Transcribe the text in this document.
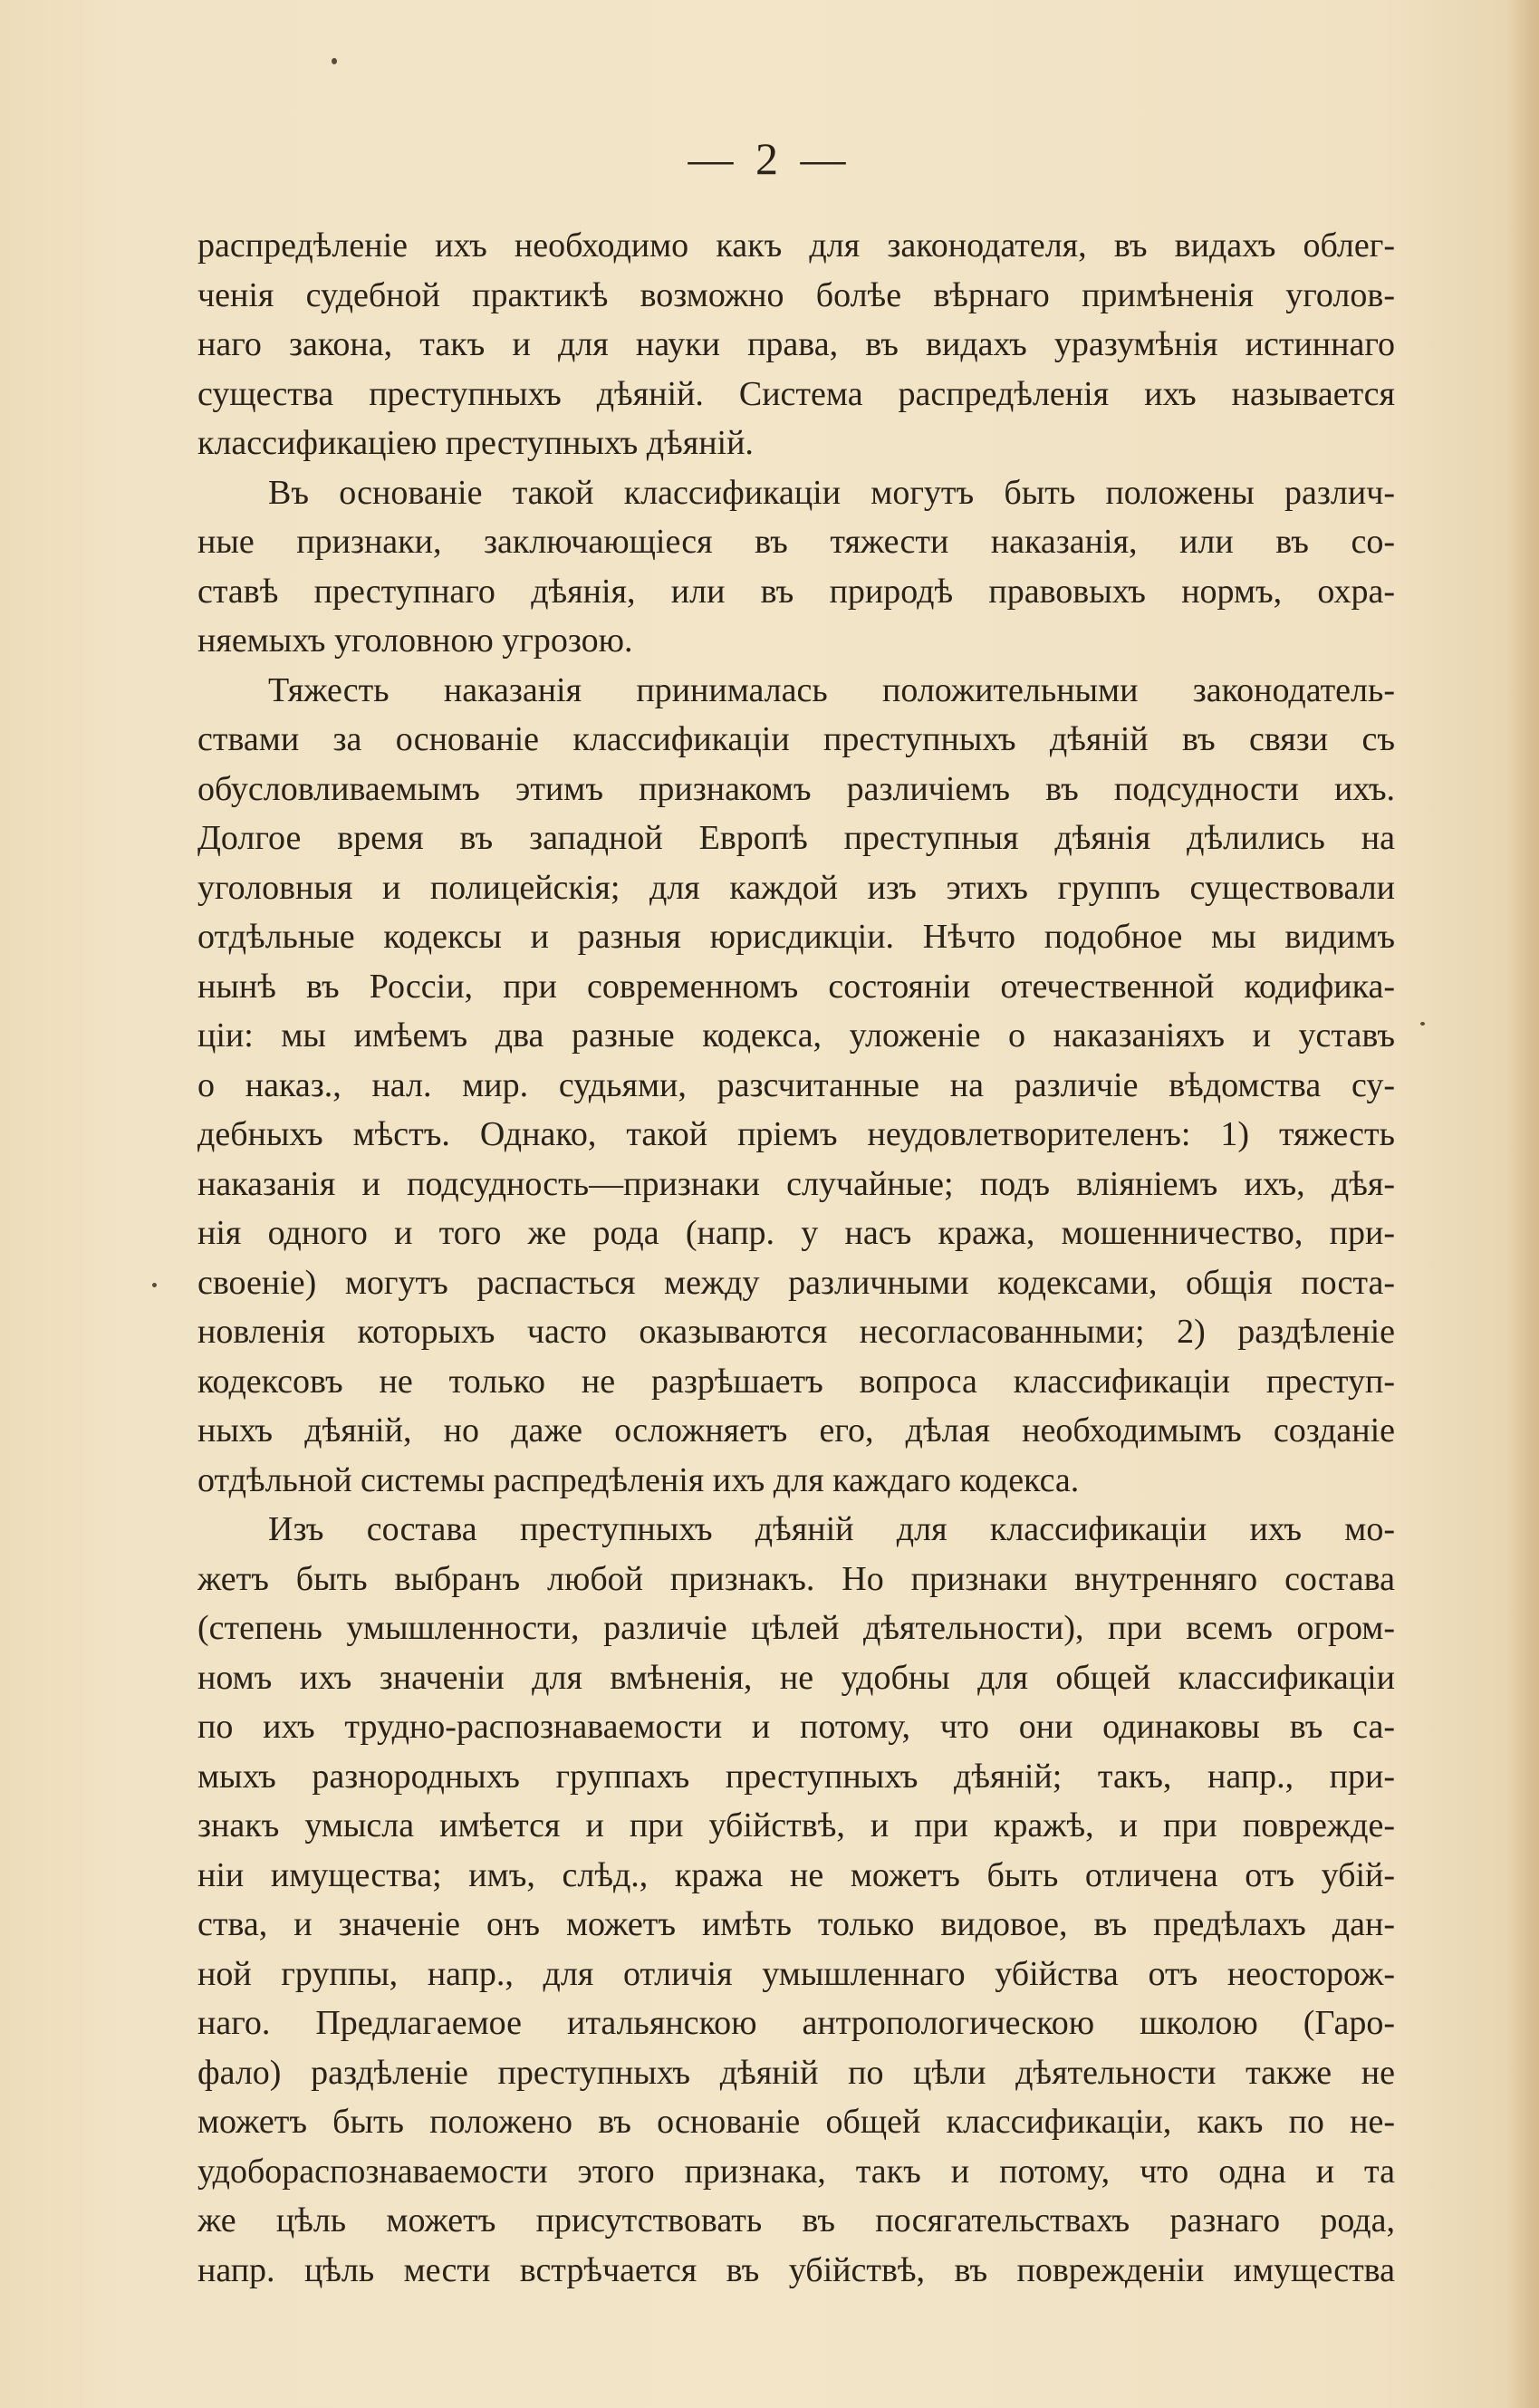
— 2 —
распредѣленіе ихъ необходимо какъ для законодателя, въ видахъ облег-
ченія судебной практикѣ возможно болѣе вѣрнаго примѣненія уголов-
наго закона, такъ и для науки права, въ видахъ уразумѣнія истиннаго
существа преступныхъ дѣяній. Система распредѣленія ихъ называется
классификаціею преступныхъ дѣяній.
Въ основаніе такой классификаціи могутъ быть положены различ-
ные признаки, заключающіеся въ тяжести наказанія, или въ со-
ставѣ преступнаго дѣянія, или въ природѣ правовыхъ нормъ, охра-
няемыхъ уголовною угрозою.
Тяжесть наказанія принималась положительными законодатель-
ствами за основаніе классификаціи преступныхъ дѣяній въ связи съ
обусловливаемымъ этимъ признакомъ различіемъ въ подсудности ихъ.
Долгое время въ западной Европѣ преступныя дѣянія дѣлились на
уголовныя и полицейскія; для каждой изъ этихъ группъ существовали
отдѣльные кодексы и разныя юрисдикціи. Нѣчто подобное мы видимъ
нынѣ въ Россіи, при современномъ состояніи отечественной кодифика-
ціи: мы имѣемъ два разные кодекса, уложеніе о наказаніяхъ и уставъ
о наказ., нал. мир. судьями, разсчитанные на различіе вѣдомства су-
дебныхъ мѣстъ. Однако, такой пріемъ неудовлетворителенъ: 1) тяжесть
наказанія и подсудность—признаки случайные; подъ вліяніемъ ихъ, дѣя-
нія одного и того же рода (напр. у насъ кража, мошенничество, при-
своеніе) могутъ распасться между различными кодексами, общія поста-
новленія которыхъ часто оказываются несогласованными; 2) раздѣленіе
кодексовъ не только не разрѣшаетъ вопроса классификаціи преступ-
ныхъ дѣяній, но даже осложняетъ его, дѣлая необходимымъ созданіе
отдѣльной системы распредѣленія ихъ для каждаго кодекса.
Изъ состава преступныхъ дѣяній для классификаціи ихъ мо-
жетъ быть выбранъ любой признакъ. Но признаки внутренняго состава
(степень умышленности, различіе цѣлей дѣятельности), при всемъ огром-
номъ ихъ значеніи для вмѣненія, не удобны для общей классификаціи
по ихъ трудно-распознаваемости и потому, что они одинаковы въ са-
мыхъ разнородныхъ группахъ преступныхъ дѣяній; такъ, напр., при-
знакъ умысла имѣется и при убійствѣ, и при кражѣ, и при поврежде-
ніи имущества; имъ, слѣд., кража не можетъ быть отличена отъ убій-
ства, и значеніе онъ можетъ имѣть только видовое, въ предѣлахъ дан-
ной группы, напр., для отличія умышленнаго убійства отъ неосторож-
наго. Предлагаемое итальянскою антропологическою школою (Гаро-
фало) раздѣленіе преступныхъ дѣяній по цѣли дѣятельности также не
можетъ быть положено въ основаніе общей классификаціи, какъ по не-
удобораспознаваемости этого признака, такъ и потому, что одна и та
же цѣль можетъ присутствовать въ посягательствахъ разнаго рода,
напр. цѣль мести встрѣчается въ убійствѣ, въ поврежденіи имущества
